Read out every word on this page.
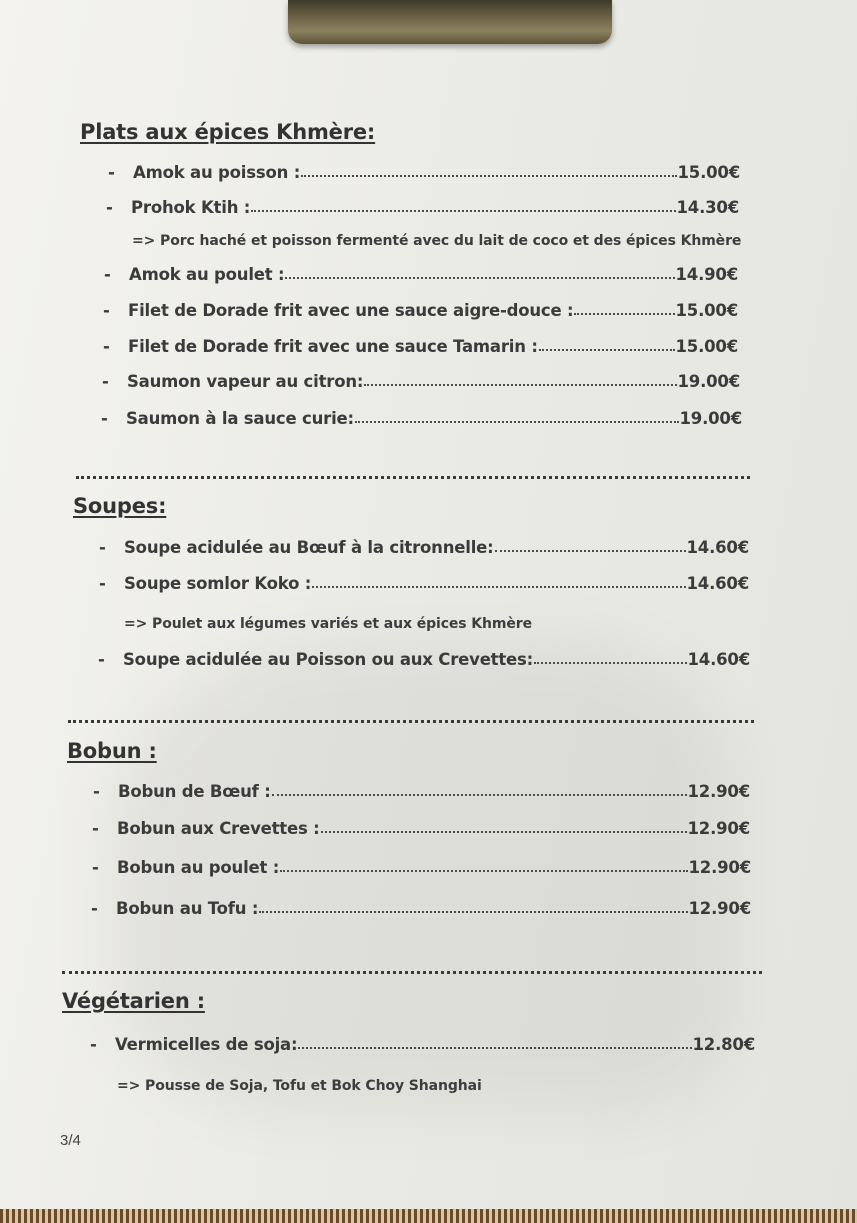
Plats aux épices Khmère:
-	Amok au poisson :	15.00€
-	Prohok Ktih :	14.30€
=> Porc haché et poisson fermenté avec du lait de coco et des épices Khmère
-	Amok au poulet :	14.90€
-	Filet de Dorade frit avec une sauce aigre-douce :	15.00€
-	Filet de Dorade frit avec une sauce Tamarin :	15.00€
-	Saumon vapeur au citron:	19.00€
-	Saumon à la sauce curie:	19.00€
Soupes:
-	Soupe acidulée au Bœuf à la citronnelle:	14.60€
-	Soupe somlor Koko :	14.60€
=> Poulet aux légumes variés et aux épices Khmère
-	Soupe acidulée au Poisson ou aux Crevettes:	14.60€
Bobun :
-	Bobun de Bœuf :	12.90€
-	Bobun aux Crevettes :	12.90€
-	Bobun au poulet :	12.90€
-	Bobun au Tofu :	12.90€
Végétarien :
-	Vermicelles de soja:	12.80€
=> Pousse de Soja, Tofu et Bok Choy Shanghai
3/4
